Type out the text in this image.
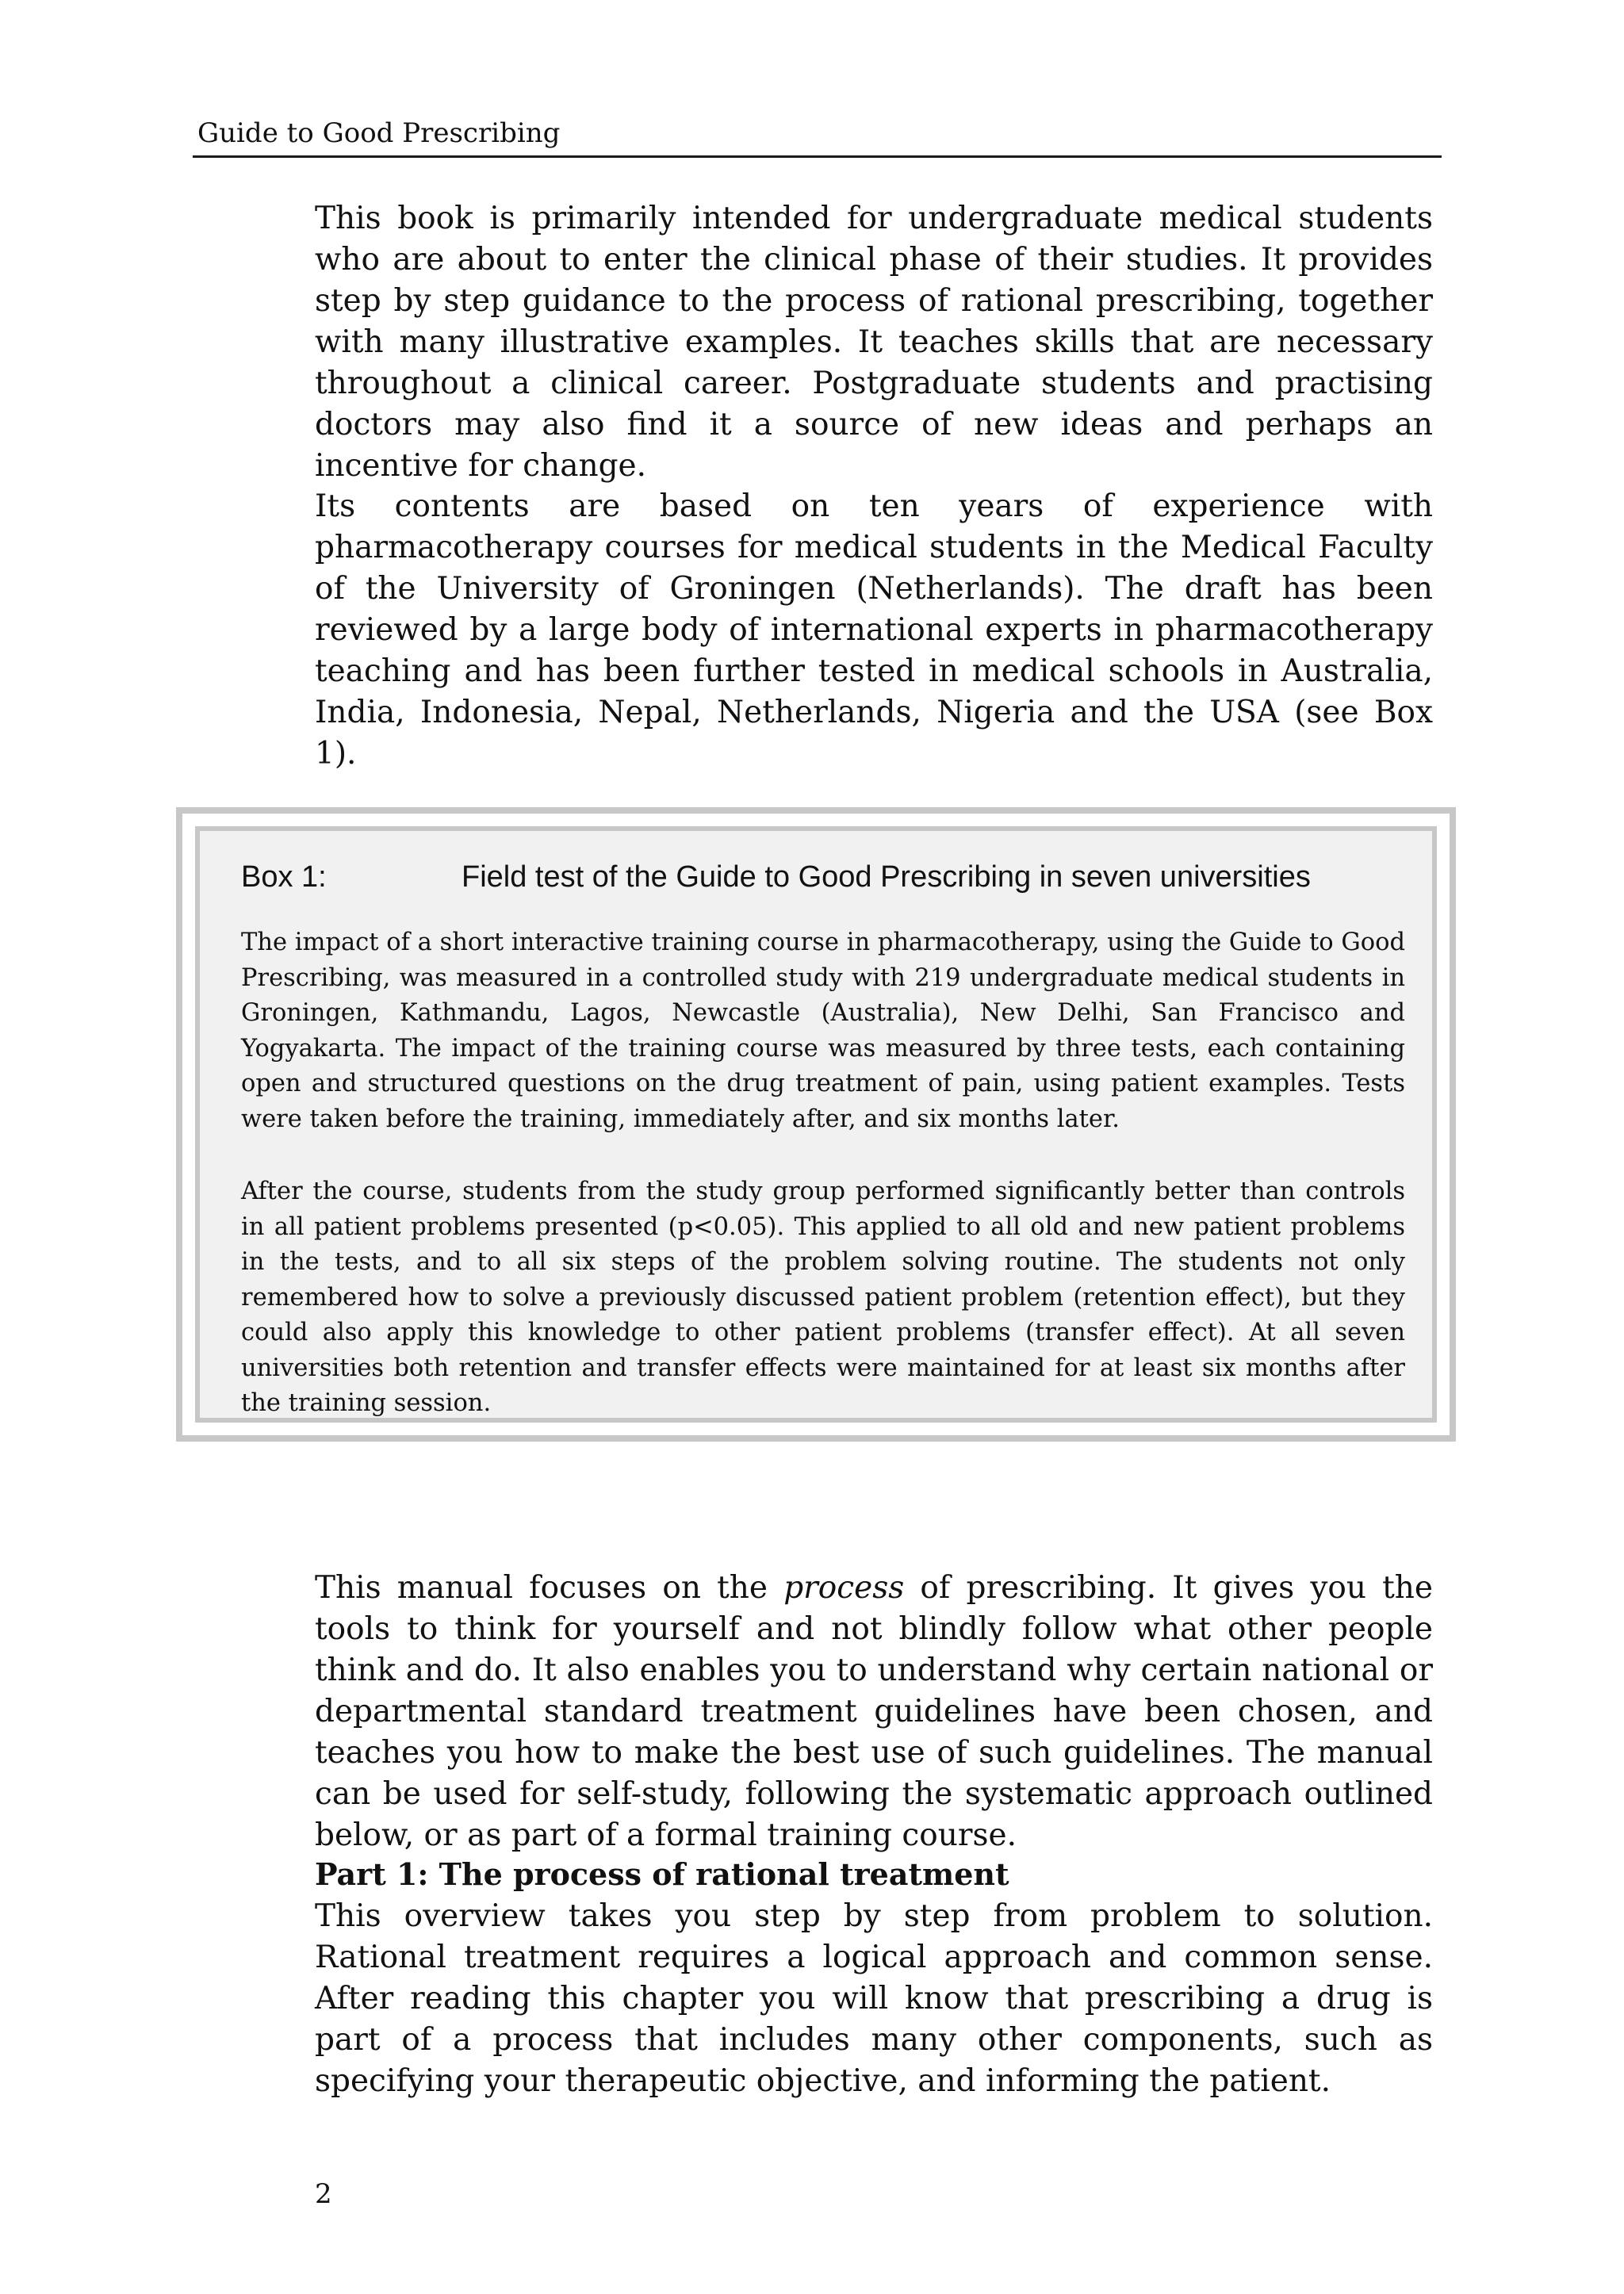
Guide to Good Prescribing

This book is primarily intended for undergraduate medical students who are about to enter the clinical phase of their studies. It provides step by step guidance to the process of rational prescribing, together with many illustrative examples. It teaches skills that are necessary throughout a clinical career. Postgraduate students and practising doctors may also find it a source of new ideas and perhaps an incentive for change.

Its contents are based on ten years of experience with pharmacotherapy courses for medical students in the Medical Faculty of the University of Groningen (Netherlands). The draft has been reviewed by a large body of international experts in pharmacotherapy teaching and has been further tested in medical schools in Australia, India, Indonesia, Nepal, Netherlands, Nigeria and the USA (see Box 1).

Box 1:	Field test of the Guide to Good Prescribing in seven universities

The impact of a short interactive training course in pharmacotherapy, using the Guide to Good Prescribing, was measured in a controlled study with 219 undergraduate medical students in Groningen, Kathmandu, Lagos, Newcastle (Australia), New Delhi, San Francisco and Yogyakarta. The impact of the training course was measured by three tests, each containing open and structured questions on the drug treatment of pain, using patient examples. Tests were taken before the training, immediately after, and six months later.

After the course, students from the study group performed significantly better than controls in all patient problems presented (p<0.05). This applied to all old and new patient problems in the tests, and to all six steps of the problem solving routine. The students not only remembered how to solve a previously discussed patient problem (retention effect), but they could also apply this knowledge to other patient problems (transfer effect). At all seven universities both retention and transfer effects were maintained for at least six months after the training session.

This manual focuses on the process of prescribing. It gives you the tools to think for yourself and not blindly follow what other people think and do. It also enables you to understand why certain national or departmental standard treatment guidelines have been chosen, and teaches you how to make the best use of such guidelines. The manual can be used for self-study, following the systematic approach outlined below, or as part of a formal training course.

Part 1: The process of rational treatment

This overview takes you step by step from problem to solution. Rational treatment requires a logical approach and common sense. After reading this chapter you will know that prescribing a drug is part of a process that includes many other components, such as specifying your therapeutic objective, and informing the patient.

2
